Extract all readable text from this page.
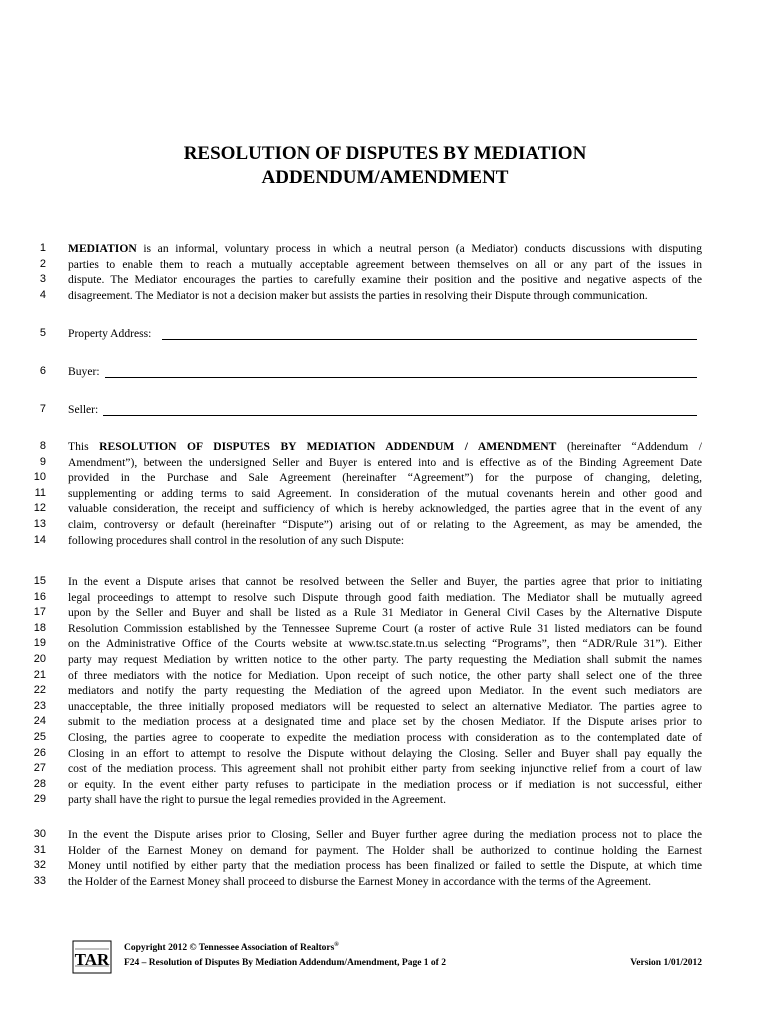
RESOLUTION OF DISPUTES BY MEDIATION
ADDENDUM/AMENDMENT
1 MEDIATION is an informal, voluntary process in which a neutral person (a Mediator) conducts discussions with disputing
2 parties to enable them to reach a mutually acceptable agreement between themselves on all or any part of the issues in
3 dispute. The Mediator encourages the parties to carefully examine their position and the positive and negative aspects of the
4 disagreement. The Mediator is not a decision maker but assists the parties in resolving their Dispute through communication.
5 Property Address:
6 Buyer:
7 Seller:
8 This RESOLUTION OF DISPUTES BY MEDIATION ADDENDUM / AMENDMENT (hereinafter “Addendum /
9 Amendment”), between the undersigned Seller and Buyer is entered into and is effective as of the Binding Agreement Date
10 provided in the Purchase and Sale Agreement (hereinafter “Agreement”) for the purpose of changing, deleting,
11 supplementing or adding terms to said Agreement. In consideration of the mutual covenants herein and other good and
12 valuable consideration, the receipt and sufficiency of which is hereby acknowledged, the parties agree that in the event of any
13 claim, controversy or default (hereinafter “Dispute”) arising out of or relating to the Agreement, as may be amended, the
14 following procedures shall control in the resolution of any such Dispute:
15 In the event a Dispute arises that cannot be resolved between the Seller and Buyer, the parties agree that prior to initiating
16 legal proceedings to attempt to resolve such Dispute through good faith mediation. The Mediator shall be mutually agreed
17 upon by the Seller and Buyer and shall be listed as a Rule 31 Mediator in General Civil Cases by the Alternative Dispute
18 Resolution Commission established by the Tennessee Supreme Court (a roster of active Rule 31 listed mediators can be found
19 on the Administrative Office of the Courts website at www.tsc.state.tn.us selecting “Programs”, then “ADR/Rule 31”). Either
20 party may request Mediation by written notice to the other party. The party requesting the Mediation shall submit the names
21 of three mediators with the notice for Mediation. Upon receipt of such notice, the other party shall select one of the three
22 mediators and notify the party requesting the Mediation of the agreed upon Mediator. In the event such mediators are
23 unacceptable, the three initially proposed mediators will be requested to select an alternative Mediator. The parties agree to
24 submit to the mediation process at a designated time and place set by the chosen Mediator. If the Dispute arises prior to
25 Closing, the parties agree to cooperate to expedite the mediation process with consideration as to the contemplated date of
26 Closing in an effort to attempt to resolve the Dispute without delaying the Closing. Seller and Buyer shall pay equally the
27 cost of the mediation process. This agreement shall not prohibit either party from seeking injunctive relief from a court of law
28 or equity. In the event either party refuses to participate in the mediation process or if mediation is not successful, either
29 party shall have the right to pursue the legal remedies provided in the Agreement.
30 In the event the Dispute arises prior to Closing, Seller and Buyer further agree during the mediation process not to place the
31 Holder of the Earnest Money on demand for payment. The Holder shall be authorized to continue holding the Earnest
32 Money until notified by either party that the mediation process has been finalized or failed to settle the Dispute, at which time
33 the Holder of the Earnest Money shall proceed to disburse the Earnest Money in accordance with the terms of the Agreement.
TAR
Copyright 2012 © Tennessee Association of Realtors®
F24 – Resolution of Disputes By Mediation Addendum/Amendment, Page 1 of 2	Version 1/01/2012
